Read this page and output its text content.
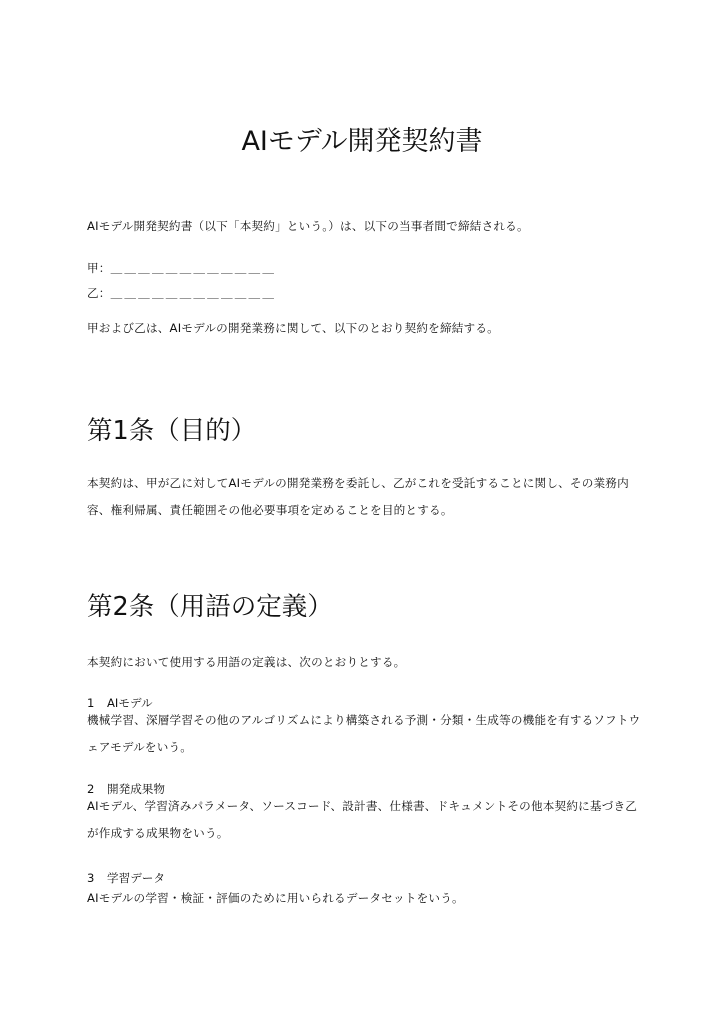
AIモデル開発契約書

AIモデル開発契約書（以下「本契約」という。）は、以下の当事者間で締結される。

甲：＿＿＿＿＿＿＿＿＿＿＿＿
乙：＿＿＿＿＿＿＿＿＿＿＿＿

甲および乙は、AIモデルの開発業務に関して、以下のとおり契約を締結する。

第1条（目的）

本契約は、甲が乙に対してAIモデルの開発業務を委託し、乙がこれを受託することに関し、その業務内容、権利帰属、責任範囲その他必要事項を定めることを目的とする。

第2条（用語の定義）

本契約において使用する用語の定義は、次のとおりとする。

1 AIモデル

機械学習、深層学習その他のアルゴリズムにより構築される予測・分類・生成等の機能を有するソフトウェアモデルをいう。

2 開発成果物

AIモデル、学習済みパラメータ、ソースコード、設計書、仕様書、ドキュメントその他本契約に基づき乙が作成する成果物をいう。

3 学習データ

AIモデルの学習・検証・評価のために用いられるデータセットをいう。
